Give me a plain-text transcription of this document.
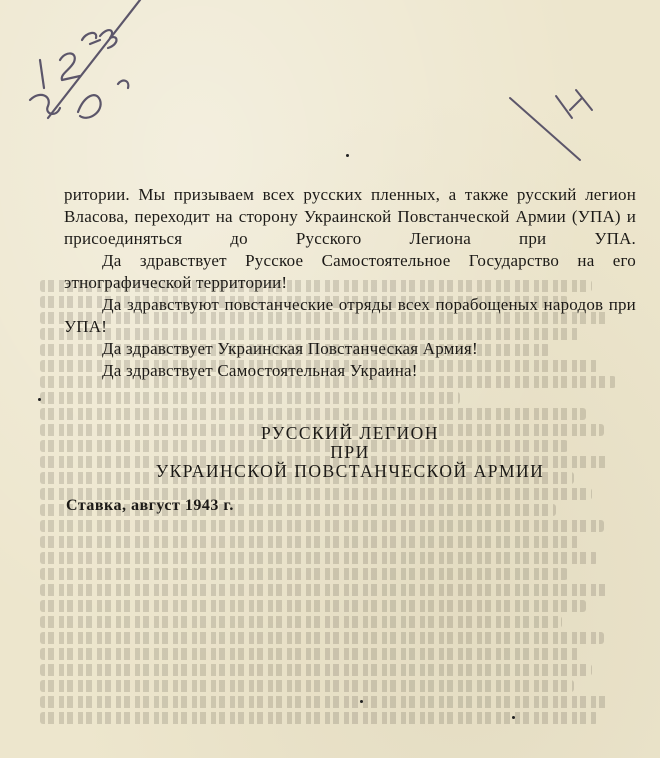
ритории. Мы призываем всех русских пленных, а также русский легион Власова, переходит на сторону Украинской Повстанческой Армии (УПА) и присоединяться до Русского Легиона при УПА.

Да здравствует Русское Самостоятельное Государство на его этнографической территории!

Да здравствуют повстанческие отряды всех порабощеных народов при УПА!

Да здравствует Украинская Повстанческая Армия!

Да здравствует Самостоятельная Украина!

РУССКИЙ ЛЕГИОН
ПРИ
УКРАИНСКОЙ ПОВСТАНЧЕСКОЙ АРМИИ
Ставка, август 1943 г.
